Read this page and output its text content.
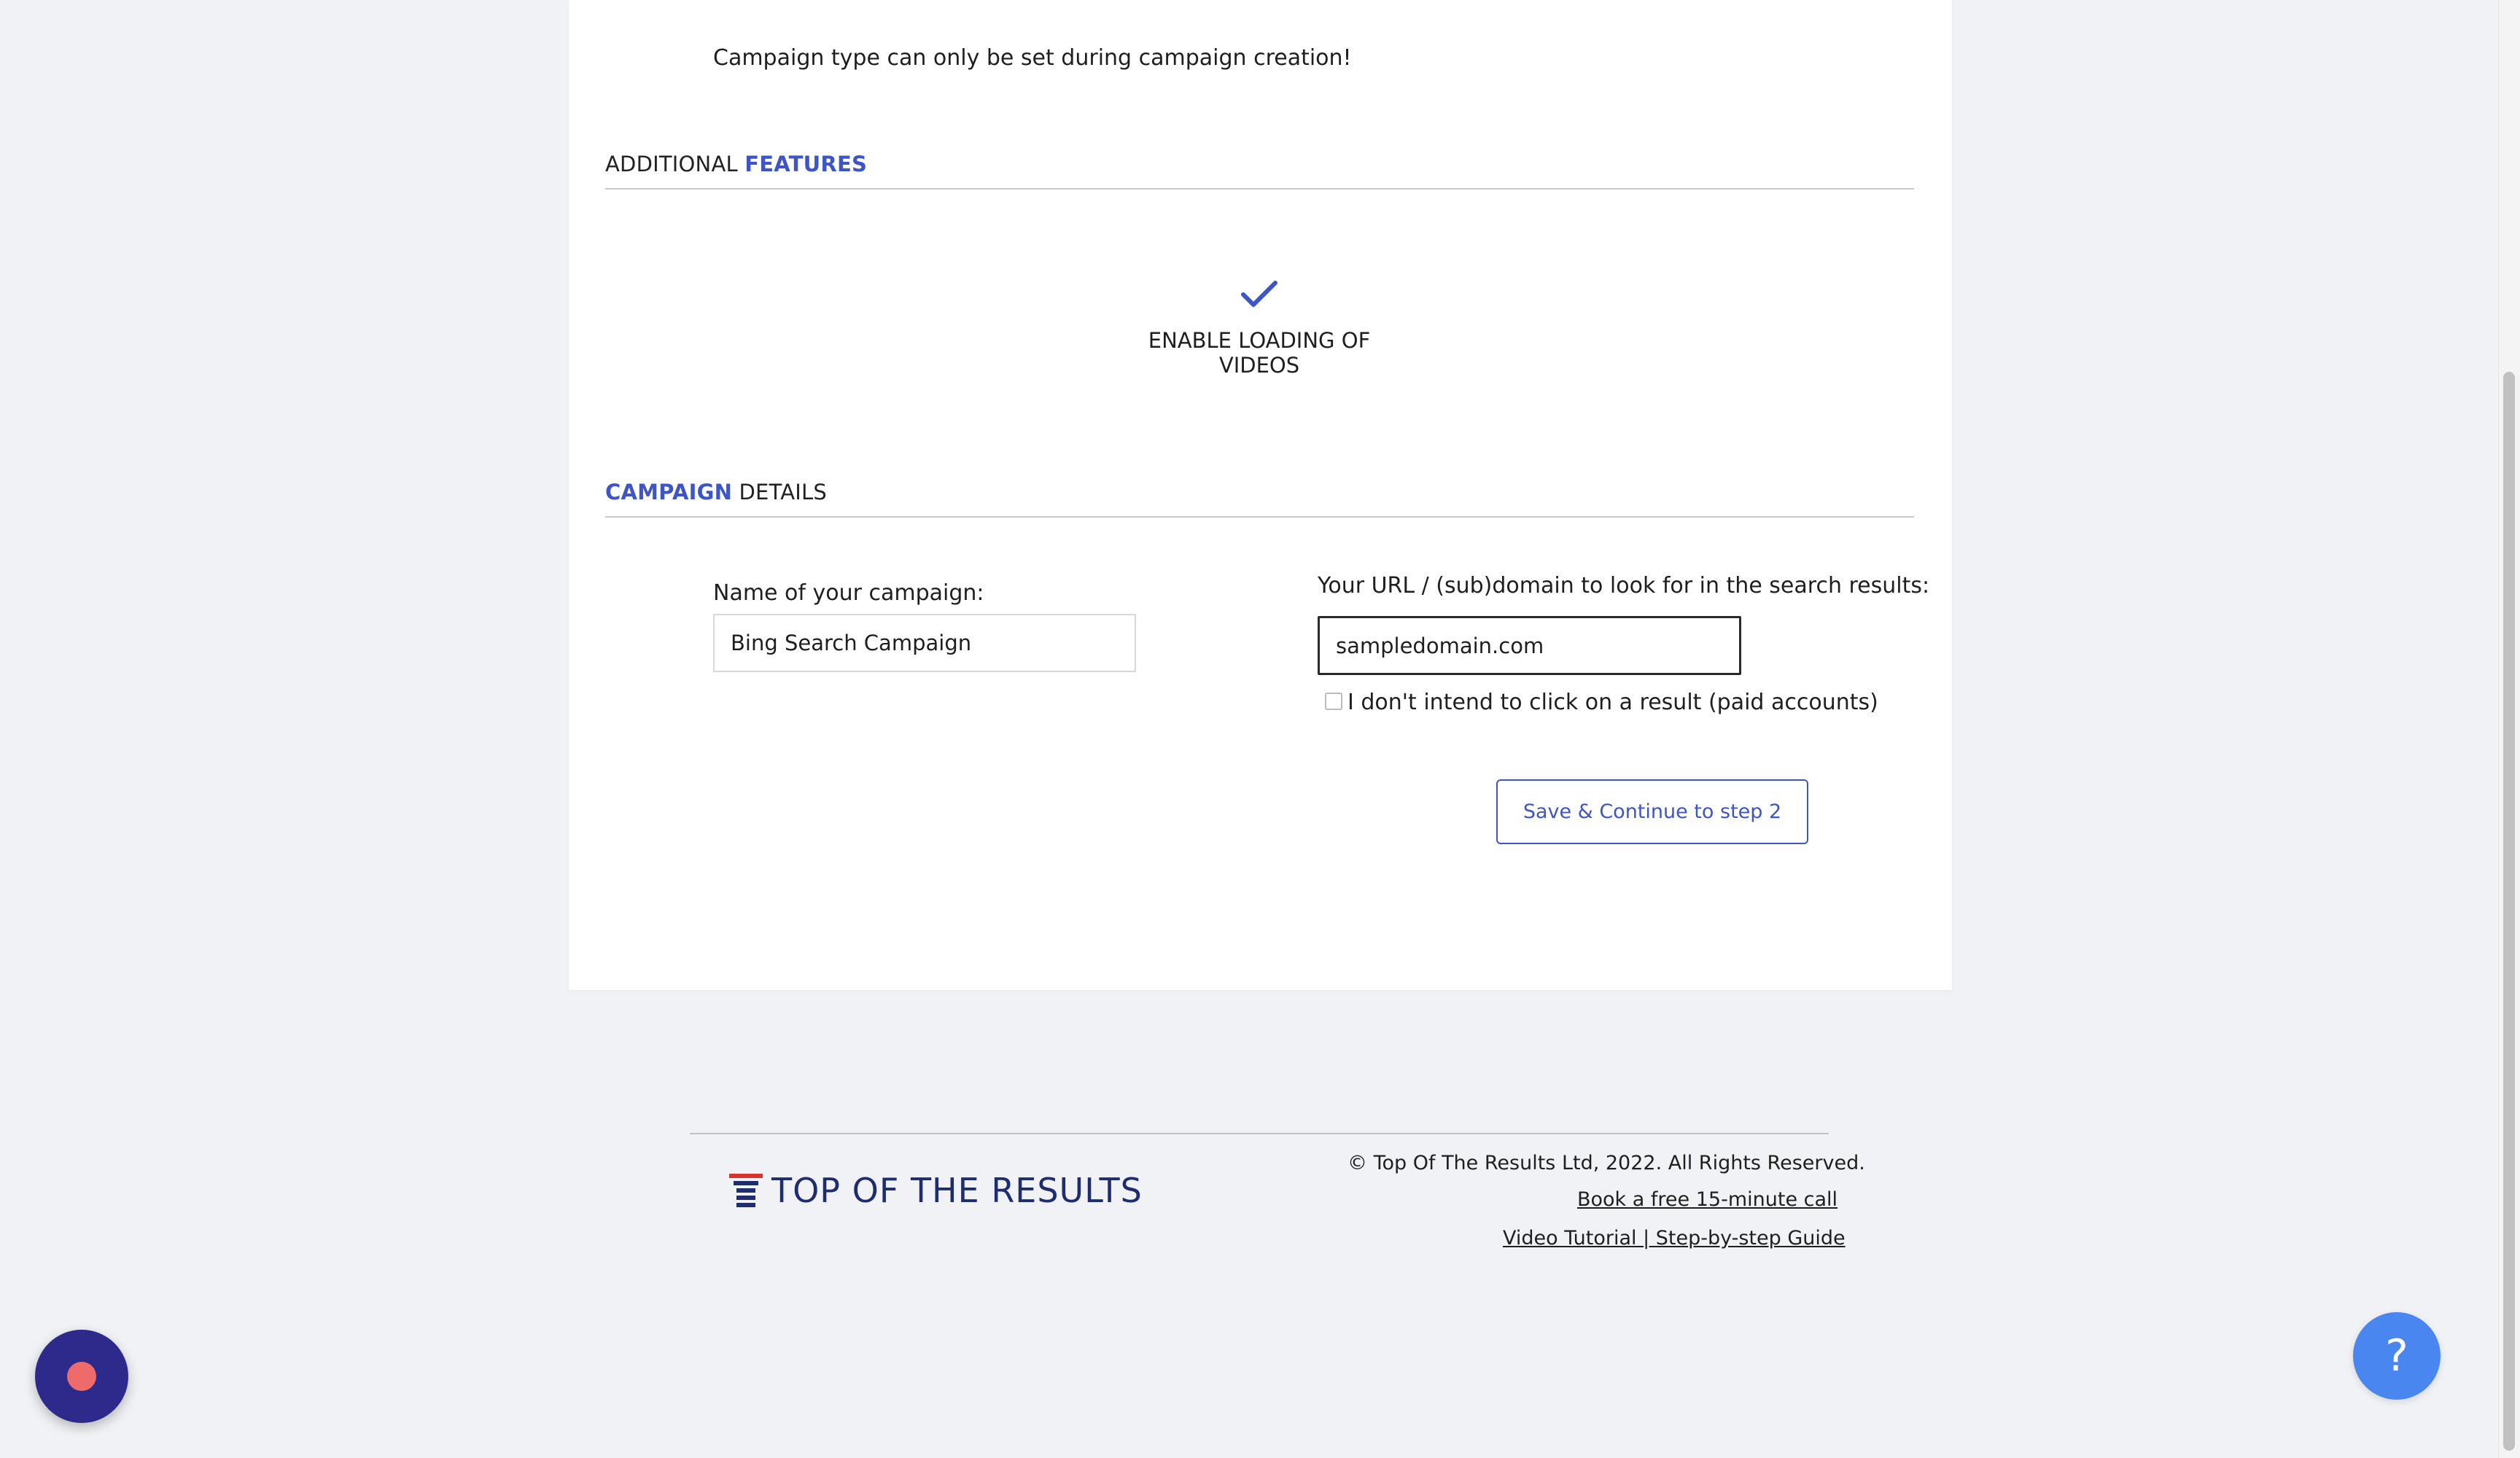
Campaign type can only be set during campaign creation!
ADDITIONAL FEATURES
ENABLE LOADING OF VIDEOS
CAMPAIGN DETAILS
Name of your campaign:
Bing Search Campaign	Your URL / (sub)domain to look for in the search results:
sampledomain.com
I don't intend to click on a result (paid accounts)
Save & Continue to step 2
TOP OF THE RESULTS
© Top Of The Results Ltd, 2022. All Rights Reserved.
Book a free 15-minute call
Video Tutorial | Step-by-step Guide
?
